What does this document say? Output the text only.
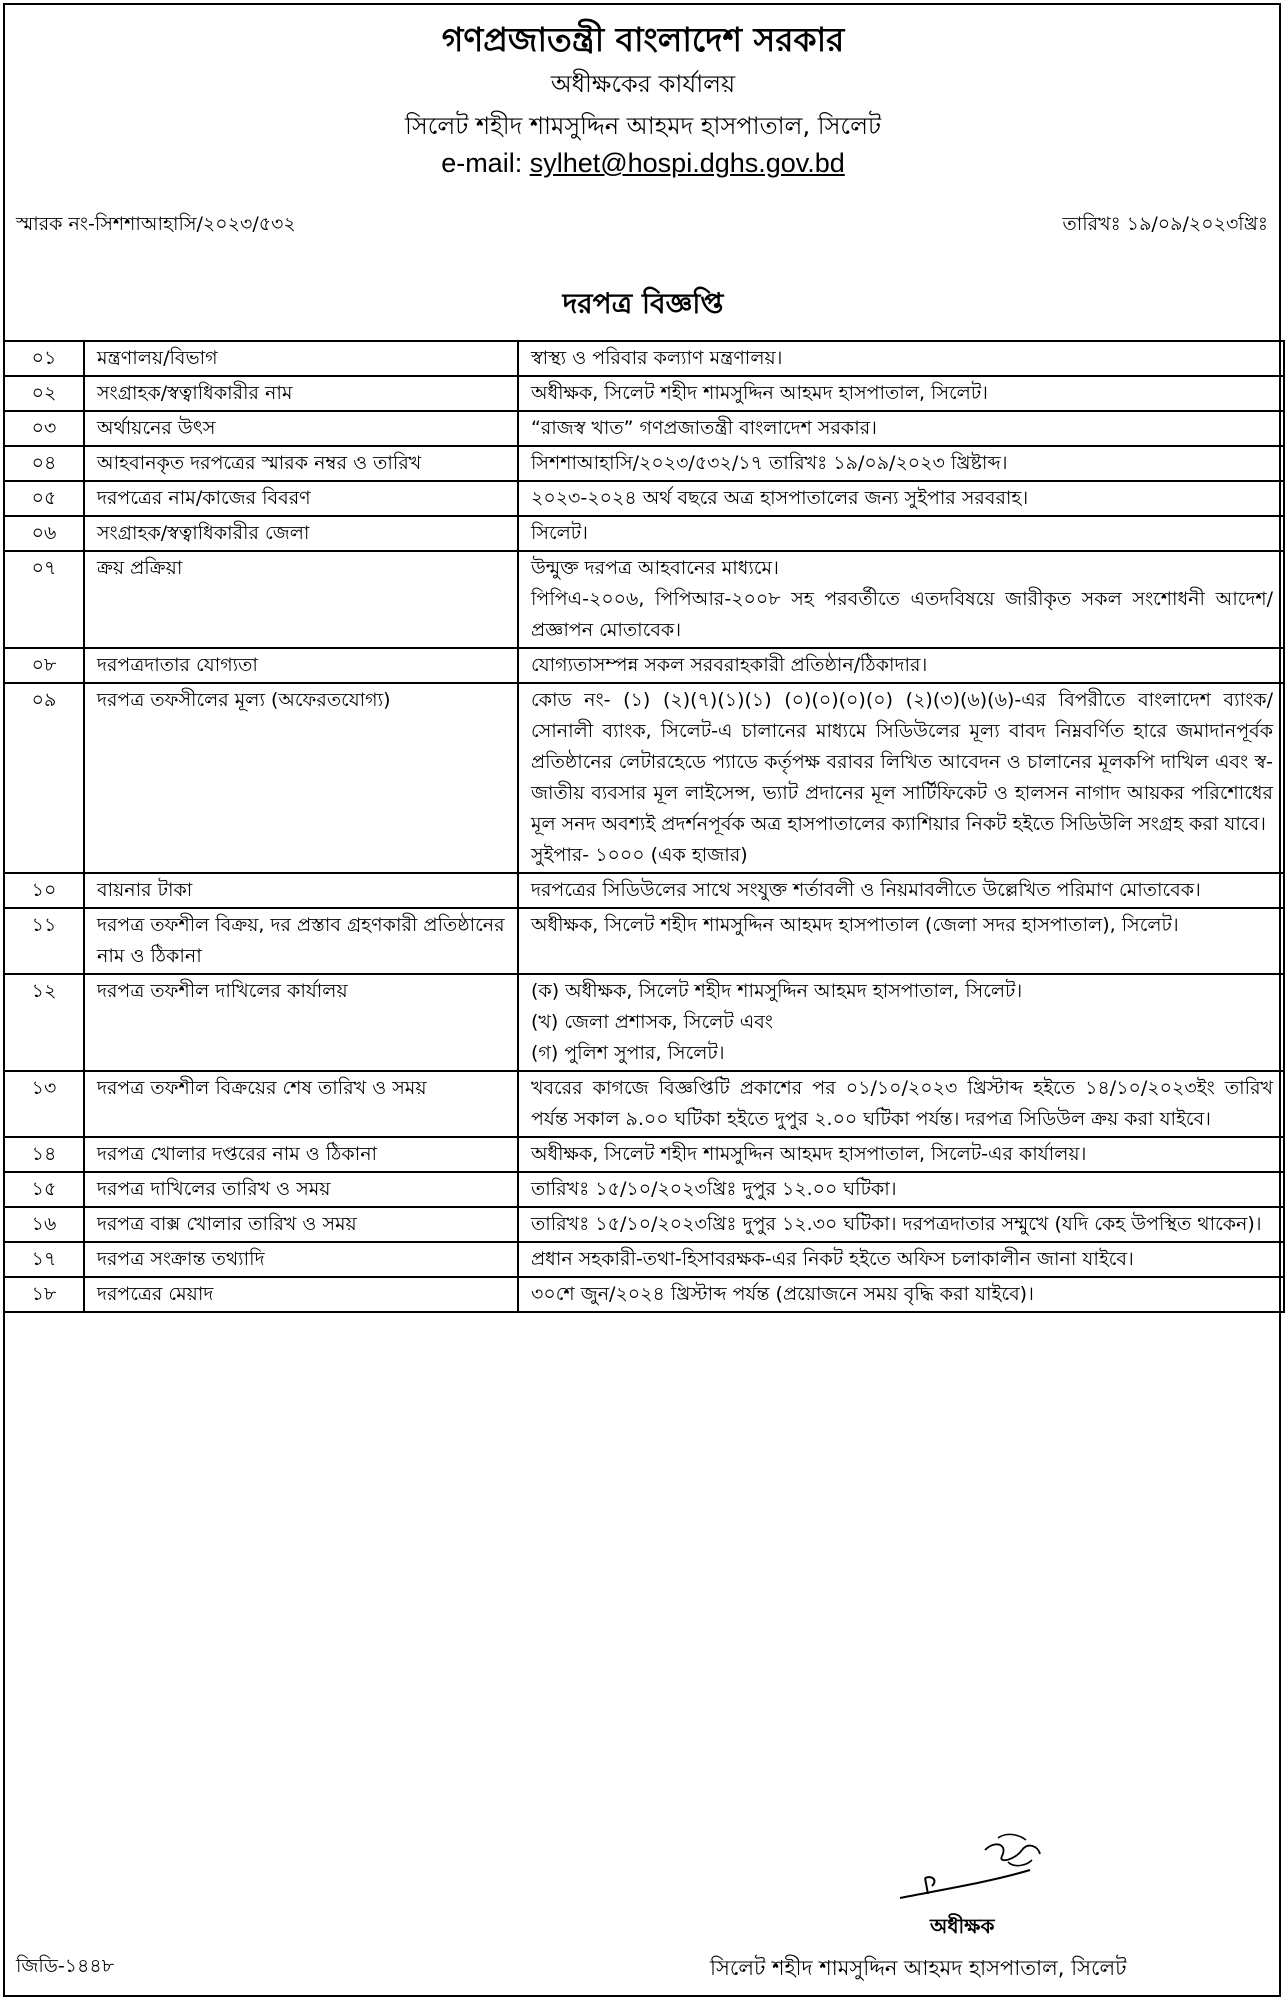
গণপ্রজাতন্ত্রী বাংলাদেশ সরকার
অধীক্ষকের কার্যালয়
সিলেট শহীদ শামসুদ্দিন আহমদ হাসপাতাল, সিলেট
e-mail: sylhet@hospi.dghs.gov.bd
স্মারক নং-সিশশাআহাসি/২০২৩/৫৩২	তারিখঃ ১৯/০৯/২০২৩খ্রিঃ
দরপত্র বিজ্ঞপ্তি
০১	মন্ত্রণালয়/বিভাগ	স্বাস্থ্য ও পরিবার কল্যাণ মন্ত্রণালয়।

০২	সংগ্রাহক/স্বত্বাধিকারীর নাম	অধীক্ষক, সিলেট শহীদ শামসুদ্দিন আহমদ হাসপাতাল, সিলেট।

০৩	অর্থায়নের উৎস	“রাজস্ব খাত” গণপ্রজাতন্ত্রী বাংলাদেশ সরকার।

০৪	আহবানকৃত দরপত্রের স্মারক নম্বর ও তারিখ	সিশশাআহাসি/২০২৩/৫৩২/১৭ তারিখঃ ১৯/০৯/২০২৩ খ্রিষ্টাব্দ।

০৫	দরপত্রের নাম/কাজের বিবরণ	২০২৩-২০২৪ অর্থ বছরে অত্র হাসপাতালের জন্য সুইপার সরবরাহ।

০৬	সংগ্রাহক/স্বত্বাধিকারীর জেলা	সিলেট।

০৭	ক্রয় প্রক্রিয়া	উন্মুক্ত দরপত্র আহবানের মাধ্যমে।
পিপিএ-২০০৬, পিপিআর-২০০৮ সহ পরবর্তীতে এতদবিষয়ে জারীকৃত সকল সংশোধনী আদেশ/প্রজ্ঞাপন মোতাবেক।

০৮	দরপত্রদাতার যোগ্যতা	যোগ্যতাসম্পন্ন সকল সরবরাহকারী প্রতিষ্ঠান/ঠিকাদার।

০৯	দরপত্র তফসীলের মূল্য (অফেরতযোগ্য)	কোড নং- (১) (২)(৭)(১)(১) (০)(০)(০)(০) (২)(৩)(৬)(৬)-এর বিপরীতে বাংলাদেশ ব্যাংক/সোনালী ব্যাংক, সিলেট-এ চালানের মাধ্যমে সিডিউলের মূল্য বাবদ নিম্নবর্ণিত হারে জমাদানপূর্বক প্রতিষ্ঠানের লেটারহেডে প্যাডে কর্তৃপক্ষ বরাবর লিখিত আবেদন ও চালানের মূলকপি দাখিল এবং স্ব-জাতীয় ব্যবসার মূল লাইসেন্স, ভ্যাট প্রদানের মূল সার্টিফিকেট ও হালসন নাগাদ আয়কর পরিশোধের মূল সনদ অবশ্যই প্রদর্শনপূর্বক অত্র হাসপাতালের ক্যাশিয়ার নিকট হইতে সিডিউলি সংগ্রহ করা যাবে।
সুইপার- ১০০০ (এক হাজার)

১০	বায়নার টাকা	দরপত্রের সিডিউলের সাথে সংযুক্ত শর্তাবলী ও নিয়মাবলীতে উল্লেখিত পরিমাণ মোতাবেক।

১১	দরপত্র তফশীল বিক্রয়, দর প্রস্তাব গ্রহণকারী প্রতিষ্ঠানের নাম ও ঠিকানা	অধীক্ষক, সিলেট শহীদ শামসুদ্দিন আহমদ হাসপাতাল (জেলা সদর হাসপাতাল), সিলেট।

১২	দরপত্র তফশীল দাখিলের কার্যালয়	(ক) অধীক্ষক, সিলেট শহীদ শামসুদ্দিন আহমদ হাসপাতাল, সিলেট।
(খ) জেলা প্রশাসক, সিলেট এবং
(গ) পুলিশ সুপার, সিলেট।

১৩	দরপত্র তফশীল বিক্রয়ের শেষ তারিখ ও সময়	খবরের কাগজে বিজ্ঞপ্তিটি প্রকাশের পর ০১/১০/২০২৩ খ্রিস্টাব্দ হইতে ১৪/১০/২০২৩ইং তারিখ পর্যন্ত সকাল ৯.০০ ঘটিকা হইতে দুপুর ২.০০ ঘটিকা পর্যন্ত। দরপত্র সিডিউল ক্রয় করা যাইবে।

১৪	দরপত্র খোলার দপ্তরের নাম ও ঠিকানা	অধীক্ষক, সিলেট শহীদ শামসুদ্দিন আহমদ হাসপাতাল, সিলেট-এর কার্যালয়।

১৫	দরপত্র দাখিলের তারিখ ও সময়	তারিখঃ ১৫/১০/২০২৩খ্রিঃ দুপুর ১২.০০ ঘটিকা।

১৬	দরপত্র বাক্স খোলার তারিখ ও সময়	তারিখঃ ১৫/১০/২০২৩খ্রিঃ দুপুর ১২.৩০ ঘটিকা। দরপত্রদাতার সম্মুখে (যদি কেহ উপস্থিত থাকেন)।

১৭	দরপত্র সংক্রান্ত তথ্যাদি	প্রধান সহকারী-তথা-হিসাবরক্ষক-এর নিকট হইতে অফিস চলাকালীন জানা যাইবে।

১৮	দরপত্রের মেয়াদ	৩০শে জুন/২০২৪ খ্রিস্টাব্দ পর্যন্ত (প্রয়োজনে সময় বৃদ্ধি করা যাইবে)।
অধীক্ষক
জিডি-১৪৪৮	সিলেট শহীদ শামসুদ্দিন আহমদ হাসপাতাল, সিলেট
